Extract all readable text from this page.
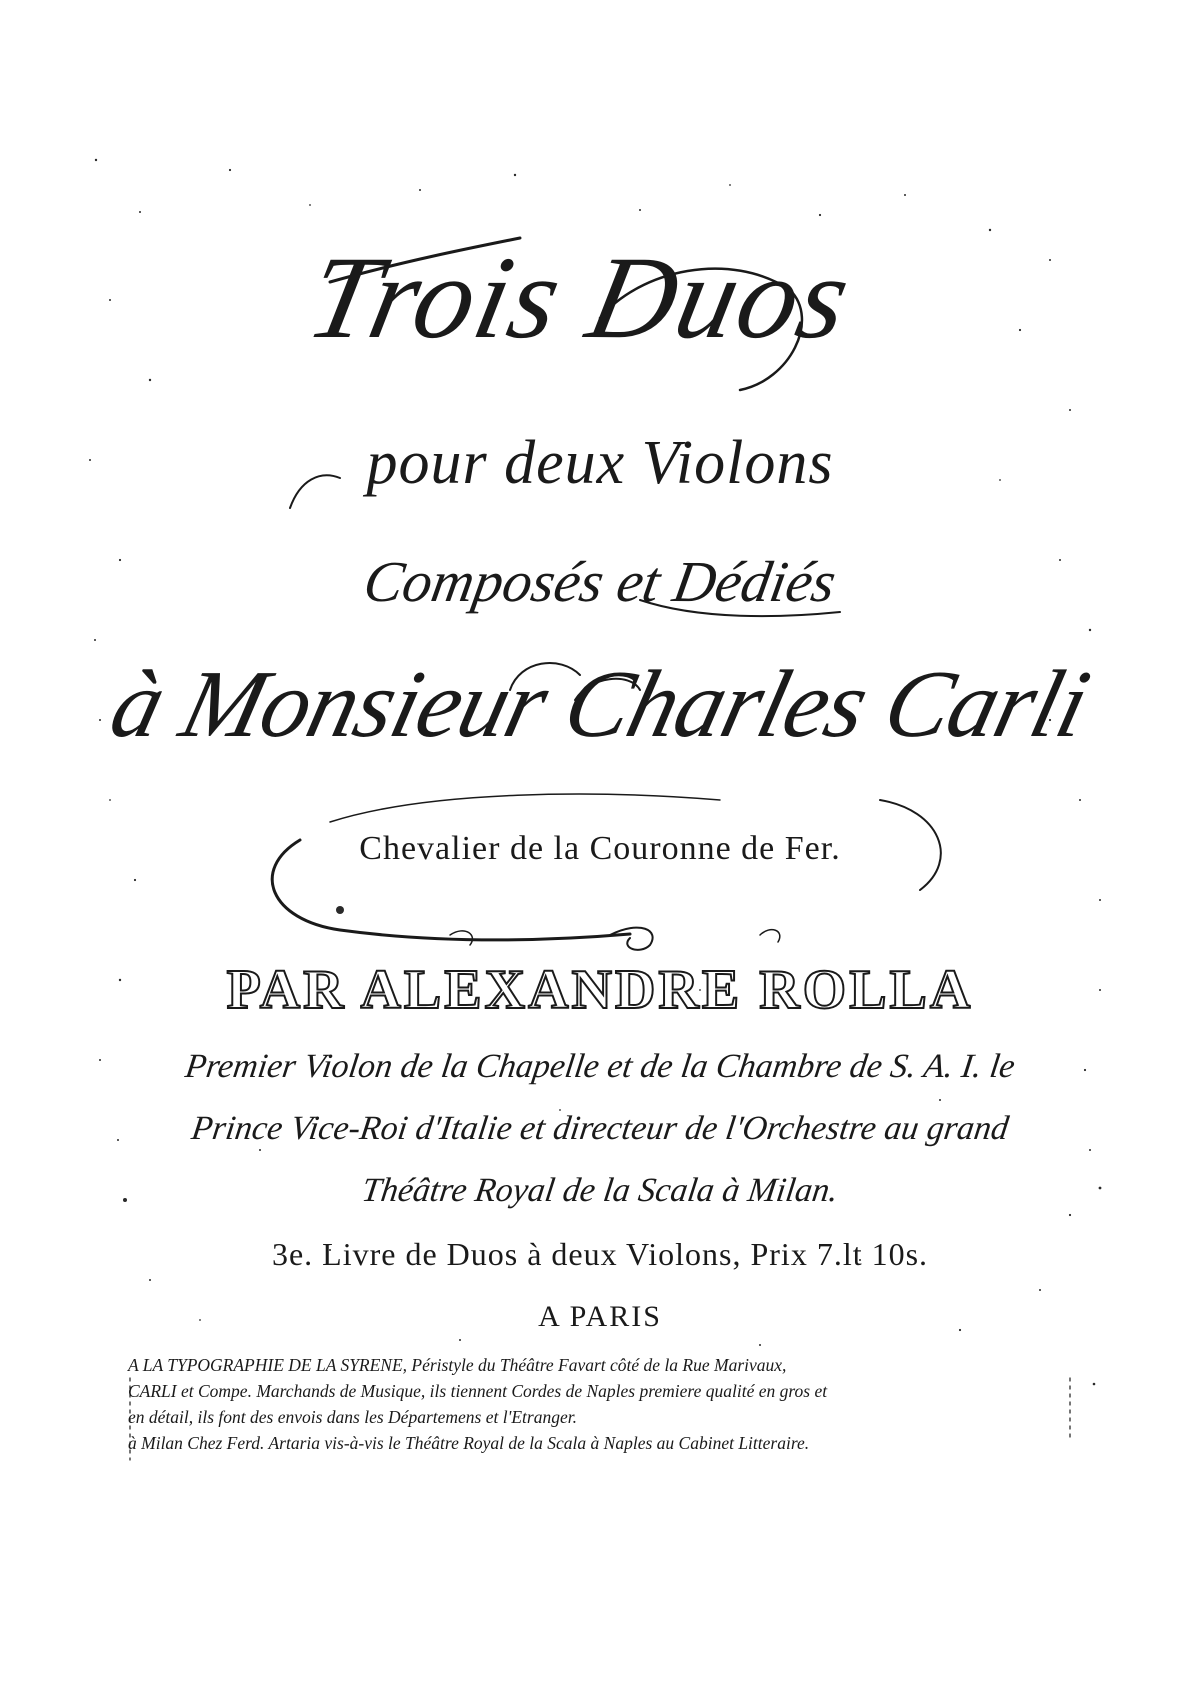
Trois Duos
pour deux Violons
Composés et Dédiés
à Monsieur Charles Carli
Chevalier de la Couronne de Fer.
PAR ALEXANDRE ROLLA
Premier Violon de la Chapelle et de la Chambre de S. A. I. le
Prince Vice-Roi d'Italie et directeur de l'Orchestre au grand
Théâtre Royal de la Scala à Milan.
3e. Livre de Duos à deux Violons, Prix 7.lt 10s.
A PARIS
A LA TYPOGRAPHIE DE LA SYRENE, Péristyle du Théâtre Favart côté de la Rue Marivaux,
CARLI et Compe. Marchands de Musique, ils tiennent Cordes de Naples premiere qualité en gros et
en détail, ils font des envois dans les Départemens et l'Etranger.
à Milan Chez Ferd. Artaria vis-à-vis le Théâtre Royal de la Scala à Naples au Cabinet Litteraire.
